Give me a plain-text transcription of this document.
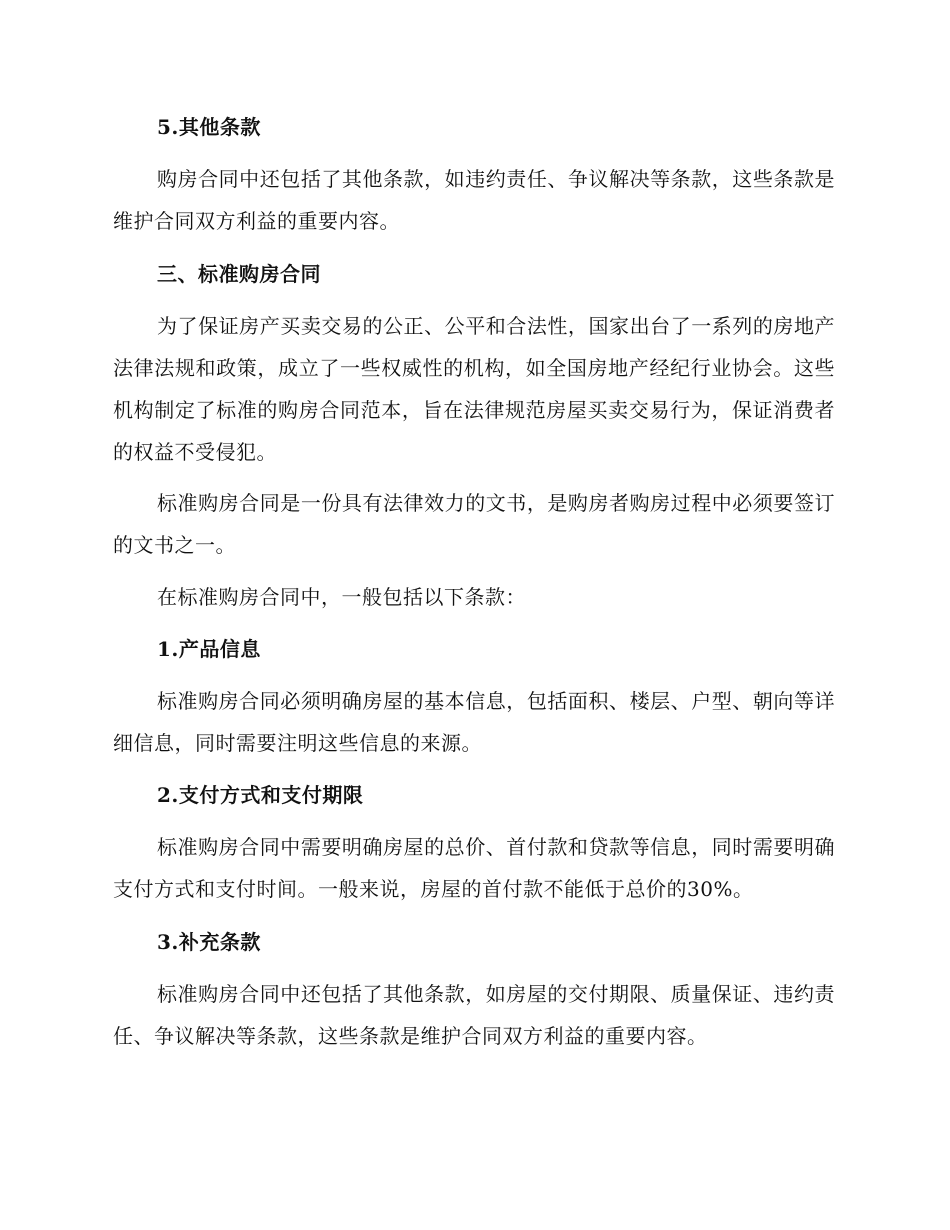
5.其他条款

购房合同中还包括了其他条款，如违约责任、争议解决等条款，这些条款是维护合同双方利益的重要内容。

三、标准购房合同

为了保证房产买卖交易的公正、公平和合法性，国家出台了一系列的房地产法律法规和政策，成立了一些权威性的机构，如全国房地产经纪行业协会。这些机构制定了标准的购房合同范本，旨在法律规范房屋买卖交易行为，保证消费者的权益不受侵犯。

标准购房合同是一份具有法律效力的文书，是购房者购房过程中必须要签订的文书之一。

在标准购房合同中，一般包括以下条款：

1.产品信息

标准购房合同必须明确房屋的基本信息，包括面积、楼层、户型、朝向等详细信息，同时需要注明这些信息的来源。

2.支付方式和支付期限

标准购房合同中需要明确房屋的总价、首付款和贷款等信息，同时需要明确支付方式和支付时间。一般来说，房屋的首付款不能低于总价的30%。

3.补充条款

标准购房合同中还包括了其他条款，如房屋的交付期限、质量保证、违约责任、争议解决等条款，这些条款是维护合同双方利益的重要内容。
